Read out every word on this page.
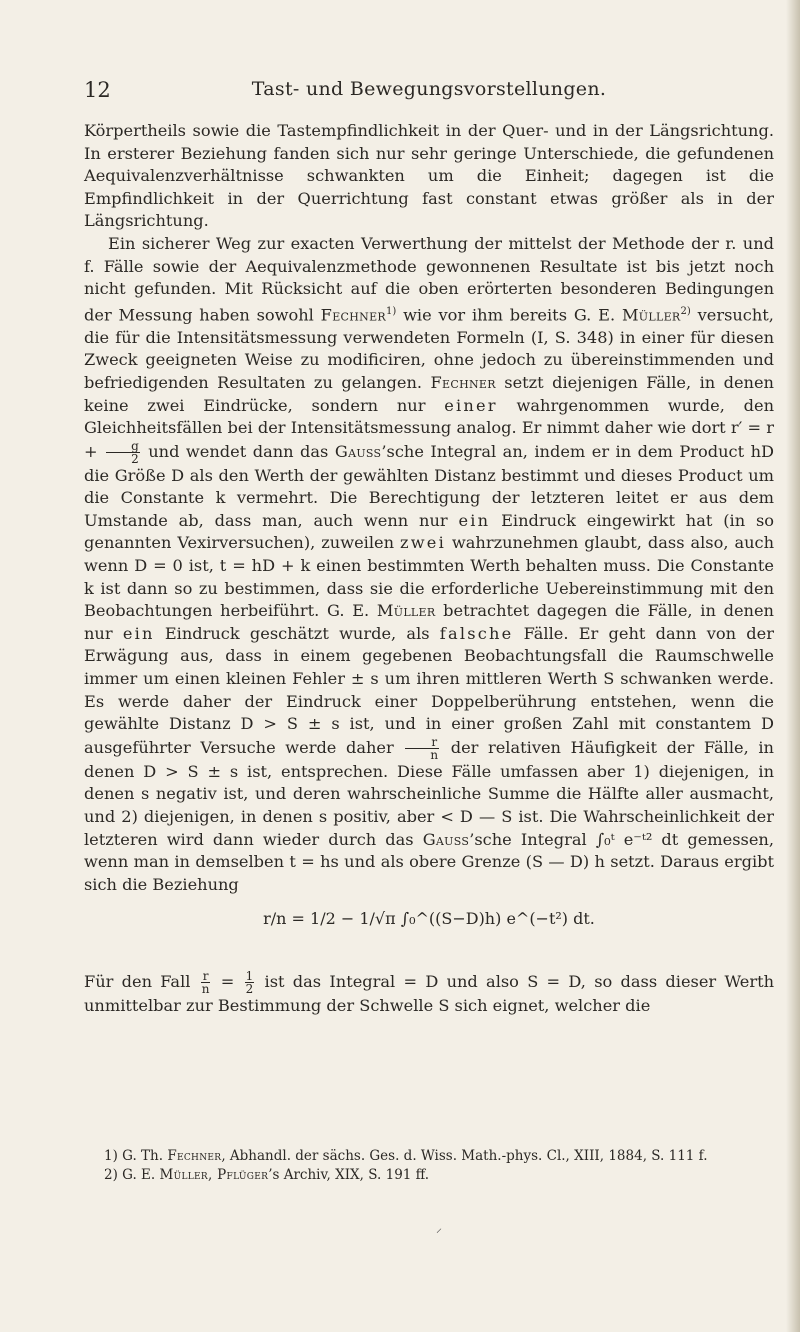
12	Tast- und Bewegungsvorstellungen.

Körpertheils sowie die Tastempfindlichkeit in der Quer- und in der Längsrichtung. In ersterer Beziehung fanden sich nur sehr geringe Unterschiede, die gefundenen Aequivalenzverhältnisse schwankten um die Einheit; dagegen ist die Empfindlichkeit in der Querrichtung fast constant etwas größer als in der Längsrichtung.

Ein sicherer Weg zur exacten Verwerthung der mittelst der Methode der r. und f. Fälle sowie der Aequivalenzmethode gewonnenen Resultate ist bis jetzt noch nicht gefunden. Mit Rücksicht auf die oben erörterten besonderen Bedingungen der Messung haben sowohl Fechner$^{1)}$ wie vor ihm bereits G. E. Müller$^{2)}$ versucht, die für die Intensitätsmessung verwendeten Formeln (I, S. 348) in einer für diesen Zweck geeigneten Weise zu modificiren, ohne jedoch zu übereinstimmenden und befriedigenden Resultaten zu gelangen. Fechner setzt diejenigen Fälle, in denen keine zwei Eindrücke, sondern nur einer wahrgenommen wurde, den Gleichheitsfällen bei der Intensitätsmessung analog. Er nimmt daher wie dort $r' = r + \frac{g}{2}$ und wendet dann das Gauss’sche Integral an, indem er in dem Product hD die Größe D als den Werth der gewählten Distanz bestimmt und dieses Product um die Constante k vermehrt. Die Berechtigung der letzteren leitet er aus dem Umstande ab, dass man, auch wenn nur ein Eindruck eingewirkt hat (in so genannten Vexirversuchen), zuweilen zwei wahrzunehmen glaubt, dass also, auch wenn D = 0 ist, t = hD + k einen bestimmten Werth behalten muss. Die Constante k ist dann so zu bestimmen, dass sie die erforderliche Uebereinstimmung mit den Beobachtungen herbeiführt. G. E. Müller betrachtet dagegen die Fälle, in denen nur ein Eindruck geschätzt wurde, als falsche Fälle. Er geht dann von der Erwägung aus, dass in einem gegebenen Beobachtungsfall die Raumschwelle immer um einen kleinen Fehler ± s um ihren mittleren Werth S schwanken werde. Es werde daher der Eindruck einer Doppelberührung entstehen, wenn die gewählte Distanz D > S ± s ist, und in einer großen Zahl mit constantem D ausgeführter Versuche werde daher $\frac{r}{n}$ der relativen Häufigkeit der Fälle, in denen D > S ± s ist, entsprechen. Diese Fälle umfassen aber 1) diejenigen, in denen s negativ ist, und deren wahrscheinliche Summe die Hälfte aller ausmacht, und 2) diejenigen, in denen s positiv, aber < D — S ist. Die Wahrscheinlichkeit der letzteren wird dann wieder durch das Gauss’sche Integral ∫₀ᵗ e⁻ᵗ² dt gemessen, wenn man in demselben t = hs und als obere Grenze (S — D) h setzt. Daraus ergibt sich die Beziehung

r/n = 1/2 − 1/√π ∫₀^((S−D)h) e^(−t²) dt.

Für den Fall $\frac{r}{n} = \frac{1}{2}$ ist das Integral = D und also S = D, so dass dieser Werth unmittelbar zur Bestimmung der Schwelle S sich eignet, welcher die

1) G. Th. Fechner, Abhandl. der sächs. Ges. d. Wiss. Math.-phys. Cl., XIII, 1884, S. 111 f.

2) G. E. Müller, Pflüger’s Archiv, XIX, S. 191 ff.

⸝
